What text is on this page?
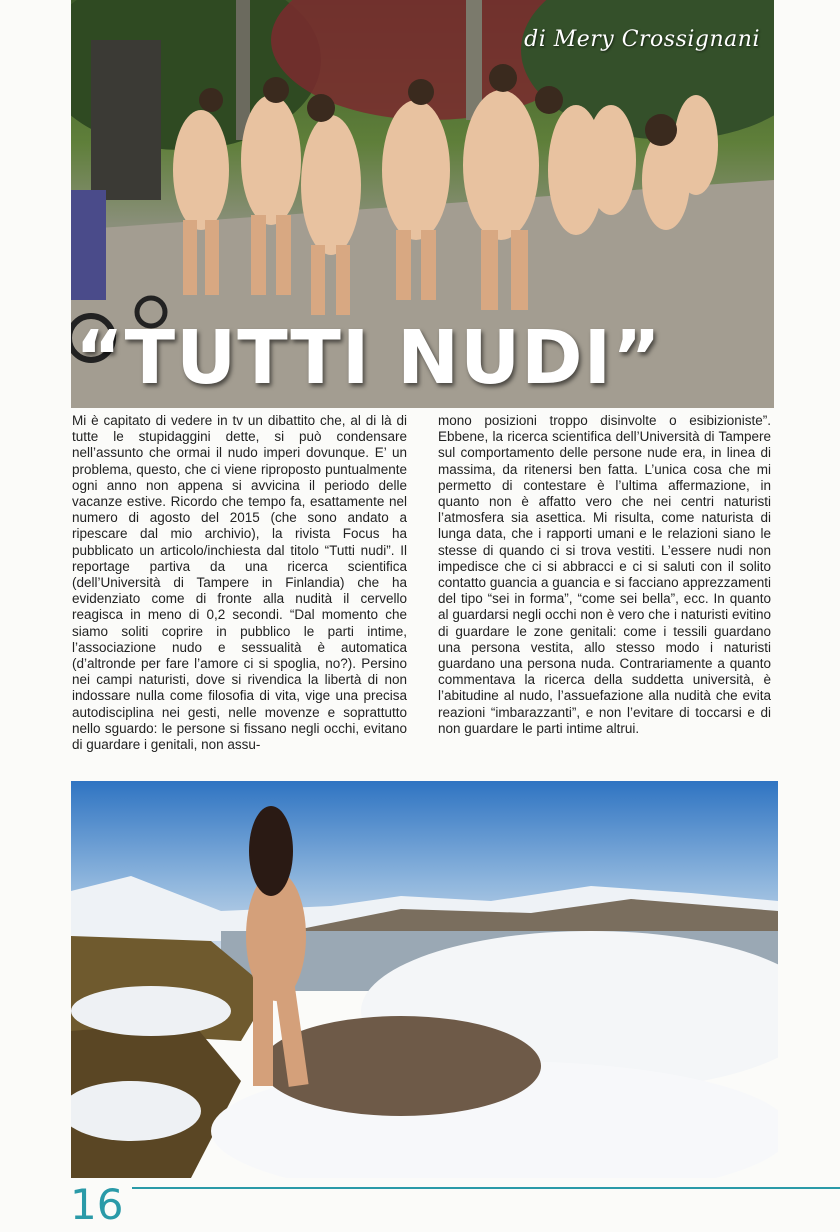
di Mery Crossignani
“TUTTI NUDI”

Mi è capitato di vedere in tv un dibattito che, al di là di tutte le stupidaggini dette, si può condensare nell’assunto che ormai il nudo imperi dovunque. E’ un problema, questo, che ci viene riproposto puntualmente ogni anno non appena si avvicina il periodo delle vacanze estive. Ricordo che tempo fa, esattamente nel numero di agosto del 2015 (che sono andato a ripescare dal mio archivio), la rivista Focus ha pubblicato un articolo/inchiesta dal titolo “Tutti nudi”. Il reportage partiva da una ricerca scientifica (dell’Università di Tampere in Finlandia) che ha evidenziato come di fronte alla nudità il cervello reagisca in meno di 0,2 secondi. “Dal momento che siamo soliti coprire in pubblico le parti intime, l’associazione nudo e sessualità è automatica (d’altronde per fare l’amore ci si spoglia, no?). Persino nei campi naturisti, dove si rivendica la libertà di non indossare nulla come filosofia di vita, vige una precisa autodisciplina nei gesti, nelle movenze e soprattutto nello sguardo: le persone si fissano negli occhi, evitano di guardare i genitali, non assu-

mono posizioni troppo disinvolte o esibizioniste”. Ebbene, la ricerca scientifica dell’Università di Tampere sul comportamento delle persone nude era, in linea di massima, da ritenersi ben fatta. L’unica cosa che mi permetto di contestare è l’ultima affermazione, in quanto non è affatto vero che nei centri naturisti l’atmosfera sia asettica. Mi risulta, come naturista di lunga data, che i rapporti umani e le relazioni siano le stesse di quando ci si trova vestiti. L’essere nudi non impedisce che ci si abbracci e ci si saluti con il solito contatto guancia a guancia e si facciano apprezzamenti del tipo “sei in forma”, “come sei bella”, ecc. In quanto al guardarsi negli occhi non è vero che i naturisti evitino di guardare le zone genitali: come i tessili guardano una persona vestita, allo stesso modo i naturisti guardano una persona nuda. Contrariamente a quanto commentava la ricerca della suddetta università, è l’abitudine al nudo, l’assuefazione alla nudità che evita reazioni “imbarazzanti”, e non l’evitare di toccarsi e di non guardare le parti intime altrui.

16
